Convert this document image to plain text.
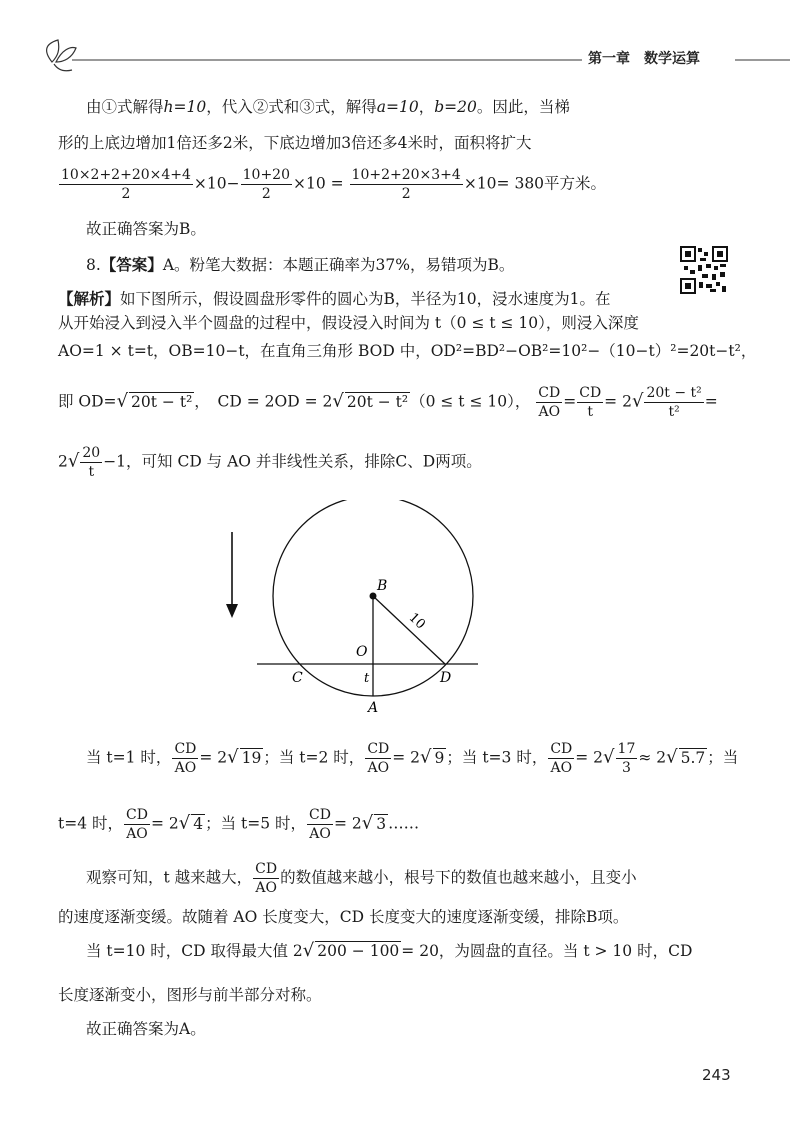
第一章　数学运算
由①式解得h=10，代入②式和③式，解得a=10，b=20。因此，当梯
形的上底边增加1倍还多2米，下底边增加3倍还多4米时，面积将扩大
$\frac{10\times 2+2+20\times 4+4}{2} \times 10- \frac{10+20}{2} \times 10 = \frac{10+2+20\times 3+4}{2} \times 10= 380$平方米。
故正确答案为B。
8.【答案】A。粉笔大数据：本题正确率为37%，易错项为B。
【解析】如下图所示，假设圆盘形零件的圆心为B，半径为10，浸水速度为1。在
从开始浸入到浸入半个圆盘的过程中，假设浸入时间为 t（0 ≤ t ≤ 10），则浸入深度
AO=1 × t=t，OB=10−t，在直角三角形 BOD 中，OD²=BD²−OB²=10²−（10−t）²=20t−t²，
即 OD=√ 20t − t² ，　CD = 2OD = 2√ 20t − t² （0 ≤ t ≤ 10）， $\frac{CD}{AO} = \frac{CD}{t} = 2√ \frac{\text{20t − t²}}{\text{t²}}$ =
$2√ \frac{20}{t} -1$，可知 CD 与 AO 并非线性关系，排除C、D两项。
B
O
C	D
A
t
10
当 t=1 时， $\frac{CD}{AO} = 2√$ 19 ；当 t=2 时， $\frac{CD}{AO} = 2√$ 9 ；当 t=3 时， $\frac{CD}{AO} = 2√ \frac{17}{3} \approx 2√$ 5.7 ；当
t=4 时， $\frac{CD}{AO} = 2√$ 4 ；当 t=5 时， $\frac{CD}{AO} = 2√$ 3 ……
观察可知，t 越来越大， $\frac{CD}{AO}$ 的数值越来越小，根号下的数值也越来越小，且变小
的速度逐渐变缓。故随着 AO 长度变大，CD 长度变大的速度逐渐变缓，排除B项。
当 t=10 时，CD 取得最大值 2√ 200 − 100 = 20，为圆盘的直径。当 t > 10 时，CD
长度逐渐变小，图形与前半部分对称。
故正确答案为A。
243
